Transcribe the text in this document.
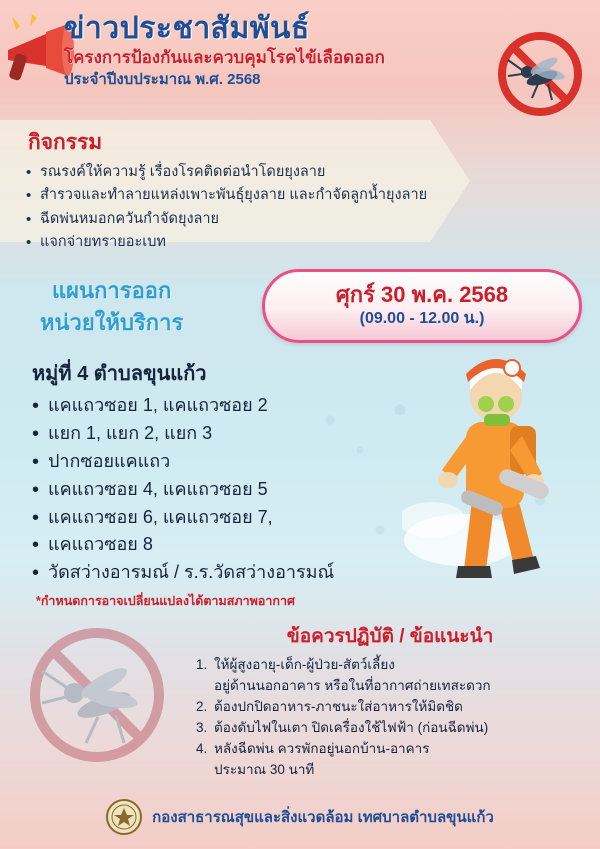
ข่าวประชาสัมพันธ์
โครงการป้องกันและควบคุมโรคไข้เลือดออก
ประจำปีงบประมาณ พ.ศ. 2568
กิจกรรม
• รณรงค์ให้ความรู้ เรื่องโรคติดต่อนำโดยยุงลาย
• สำรวจและทำลายแหล่งเพาะพันธุ์ยุงลาย และกำจัดลูกน้ำยุงลาย
• ฉีดพ่นหมอกควันกำจัดยุงลาย
• แจกจ่ายทรายอะเบท
แผนการออก
หน่วยให้บริการ
ศุกร์ 30 พ.ค. 2568
(09.00 - 12.00 น.)
หมู่ที่ 4 ตำบลขุนแก้ว
• แคแถวซอย 1, แคแถวซอย 2
• แยก 1, แยก 2, แยก 3
• ปากซอยแคแถว
• แคแถวซอย 4, แคแถวซอย 5
• แคแถวซอย 6, แคแถวซอย 7,
• แคแถวซอย 8
• วัดสว่างอารมณ์ / ร.ร.วัดสว่างอารมณ์
*กำหนดการอาจเปลี่ยนแปลงได้ตามสภาพอากาศ
ข้อควรปฏิบัติ / ข้อแนะนำ
ให้ผู้สูงอายุ-เด็ก-ผู้ป่วย-สัตว์เลี้ยง
อยู่ด้านนอกอาคาร หรือในที่อากาศถ่ายเทสะดวก
ต้องปกปิดอาหาร-ภาชนะใส่อาหารให้มิดชิด
ต้องดับไฟในเตา ปิดเครื่องใช้ไฟฟ้า (ก่อนฉีดพ่น)
หลังฉีดพ่น ควรพักอยู่นอกบ้าน-อาคาร
ประมาณ 30 นาที
กองสาธารณสุขและสิ่งแวดล้อม เทศบาลตำบลขุนแก้ว
